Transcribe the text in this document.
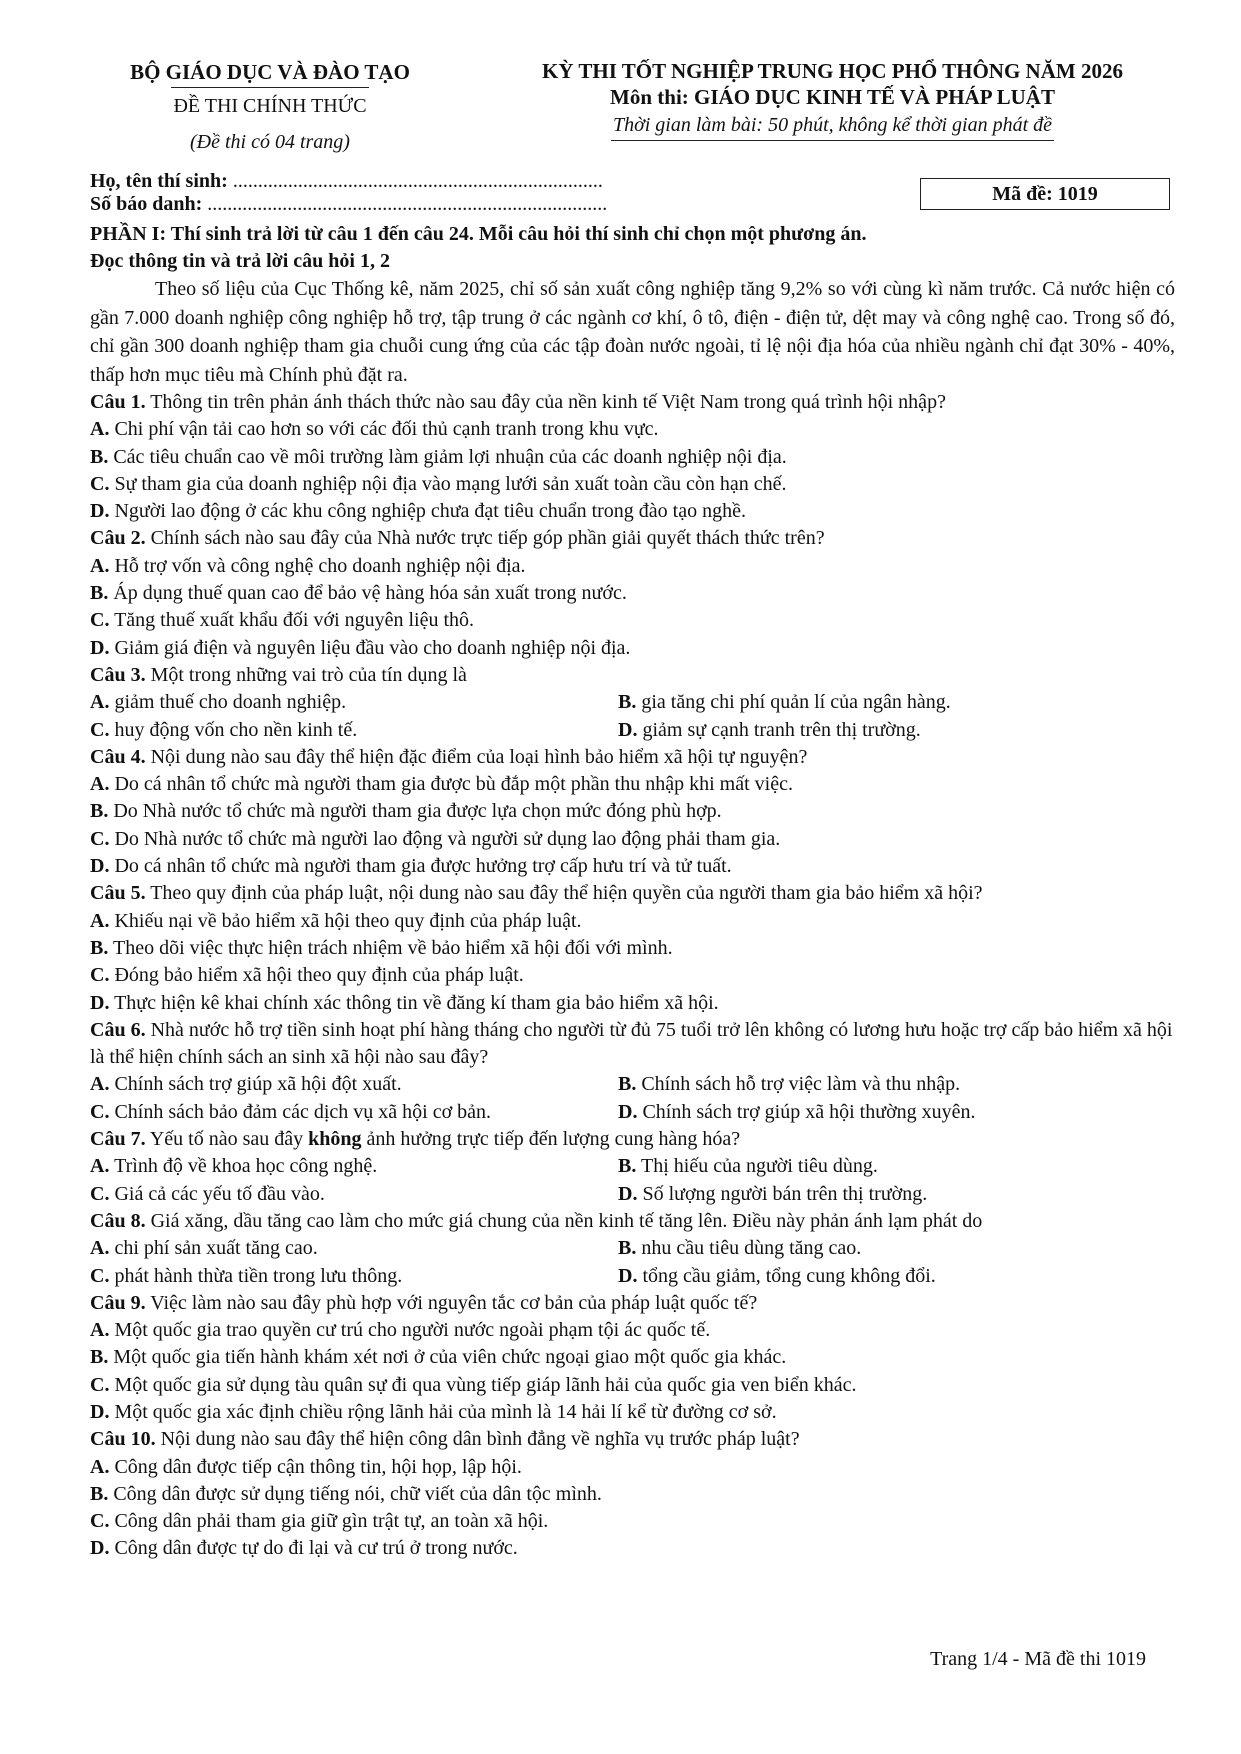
BỘ GIÁO DỤC VÀ ĐÀO TẠO
ĐỀ THI CHÍNH THỨC
(Đề thi có 04 trang)
KỲ THI TỐT NGHIỆP TRUNG HỌC PHỔ THÔNG NĂM 2026
Môn thi: GIÁO DỤC KINH TẾ VÀ PHÁP LUẬT
Thời gian làm bài: 50 phút, không kể thời gian phát đề
Họ, tên thí sinh: ..........................................................................
Số báo danh: ................................................................................	Mã đề: 1019
PHẦN I: Thí sinh trả lời từ câu 1 đến câu 24. Mỗi câu hỏi thí sinh chỉ chọn một phương án.
Đọc thông tin và trả lời câu hỏi 1, 2

Theo số liệu của Cục Thống kê, năm 2025, chỉ số sản xuất công nghiệp tăng 9,2% so với cùng kì năm trước. Cả nước hiện có gần 7.000 doanh nghiệp công nghiệp hỗ trợ, tập trung ở các ngành cơ khí, ô tô, điện - điện tử, dệt may và công nghệ cao. Trong số đó, chỉ gần 300 doanh nghiệp tham gia chuỗi cung ứng của các tập đoàn nước ngoài, tỉ lệ nội địa hóa của nhiều ngành chỉ đạt 30% - 40%, thấp hơn mục tiêu mà Chính phủ đặt ra.

Câu 1. Thông tin trên phản ánh thách thức nào sau đây của nền kinh tế Việt Nam trong quá trình hội nhập?
A. Chi phí vận tải cao hơn so với các đối thủ cạnh tranh trong khu vực.
B. Các tiêu chuẩn cao về môi trường làm giảm lợi nhuận của các doanh nghiệp nội địa.
C. Sự tham gia của doanh nghiệp nội địa vào mạng lưới sản xuất toàn cầu còn hạn chế.
D. Người lao động ở các khu công nghiệp chưa đạt tiêu chuẩn trong đào tạo nghề.
Câu 2. Chính sách nào sau đây của Nhà nước trực tiếp góp phần giải quyết thách thức trên?
A. Hỗ trợ vốn và công nghệ cho doanh nghiệp nội địa.
B. Áp dụng thuế quan cao để bảo vệ hàng hóa sản xuất trong nước.
C. Tăng thuế xuất khẩu đối với nguyên liệu thô.
D. Giảm giá điện và nguyên liệu đầu vào cho doanh nghiệp nội địa.
Câu 3. Một trong những vai trò của tín dụng là
A. giảm thuế cho doanh nghiệp.	B. gia tăng chi phí quản lí của ngân hàng.
C. huy động vốn cho nền kinh tế.	D. giảm sự cạnh tranh trên thị trường.
Câu 4. Nội dung nào sau đây thể hiện đặc điểm của loại hình bảo hiểm xã hội tự nguyện?
A. Do cá nhân tổ chức mà người tham gia được bù đắp một phần thu nhập khi mất việc.
B. Do Nhà nước tổ chức mà người tham gia được lựa chọn mức đóng phù hợp.
C. Do Nhà nước tổ chức mà người lao động và người sử dụng lao động phải tham gia.
D. Do cá nhân tổ chức mà người tham gia được hưởng trợ cấp hưu trí và tử tuất.
Câu 5. Theo quy định của pháp luật, nội dung nào sau đây thể hiện quyền của người tham gia bảo hiểm xã hội?
A. Khiếu nại về bảo hiểm xã hội theo quy định của pháp luật.
B. Theo dõi việc thực hiện trách nhiệm về bảo hiểm xã hội đối với mình.
C. Đóng bảo hiểm xã hội theo quy định của pháp luật.
D. Thực hiện kê khai chính xác thông tin về đăng kí tham gia bảo hiểm xã hội.
Câu 6. Nhà nước hỗ trợ tiền sinh hoạt phí hàng tháng cho người từ đủ 75 tuổi trở lên không có lương hưu hoặc trợ cấp bảo hiểm xã hội là thể hiện chính sách an sinh xã hội nào sau đây?
A. Chính sách trợ giúp xã hội đột xuất.	B. Chính sách hỗ trợ việc làm và thu nhập.
C. Chính sách bảo đảm các dịch vụ xã hội cơ bản.	D. Chính sách trợ giúp xã hội thường xuyên.
Câu 7. Yếu tố nào sau đây không ảnh hưởng trực tiếp đến lượng cung hàng hóa?
A. Trình độ về khoa học công nghệ.	B. Thị hiếu của người tiêu dùng.
C. Giá cả các yếu tố đầu vào.	D. Số lượng người bán trên thị trường.
Câu 8. Giá xăng, dầu tăng cao làm cho mức giá chung của nền kinh tế tăng lên. Điều này phản ánh lạm phát do
A. chi phí sản xuất tăng cao.	B. nhu cầu tiêu dùng tăng cao.
C. phát hành thừa tiền trong lưu thông.	D. tổng cầu giảm, tổng cung không đổi.
Câu 9. Việc làm nào sau đây phù hợp với nguyên tắc cơ bản của pháp luật quốc tế?
A. Một quốc gia trao quyền cư trú cho người nước ngoài phạm tội ác quốc tế.
B. Một quốc gia tiến hành khám xét nơi ở của viên chức ngoại giao một quốc gia khác.
C. Một quốc gia sử dụng tàu quân sự đi qua vùng tiếp giáp lãnh hải của quốc gia ven biển khác.
D. Một quốc gia xác định chiều rộng lãnh hải của mình là 14 hải lí kể từ đường cơ sở.
Câu 10. Nội dung nào sau đây thể hiện công dân bình đẳng về nghĩa vụ trước pháp luật?
A. Công dân được tiếp cận thông tin, hội họp, lập hội.
B. Công dân được sử dụng tiếng nói, chữ viết của dân tộc mình.
C. Công dân phải tham gia giữ gìn trật tự, an toàn xã hội.
D. Công dân được tự do đi lại và cư trú ở trong nước.
Trang 1/4 - Mã đề thi 1019
